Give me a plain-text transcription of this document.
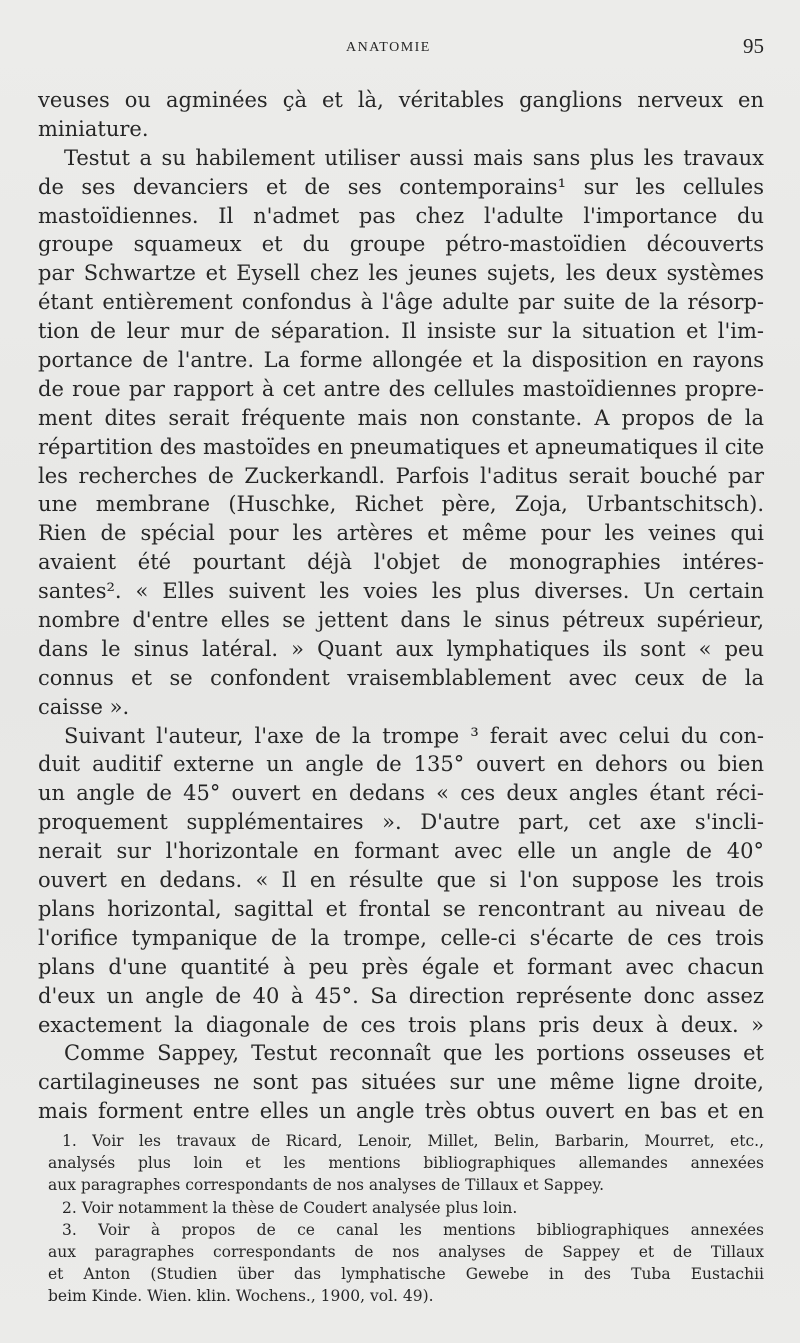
ANATOMIE	95
veuses ou agminées çà et là, véritables ganglions nerveux en
miniature.
Testut a su habilement utiliser aussi mais sans plus les travaux
de ses devanciers et de ses contemporains¹ sur les cellules
mastoïdiennes. Il n'admet pas chez l'adulte l'importance du
groupe squameux et du groupe pétro-mastoïdien découverts
par Schwartze et Eysell chez les jeunes sujets, les deux systèmes
étant entièrement confondus à l'âge adulte par suite de la résorp-
tion de leur mur de séparation. Il insiste sur la situation et l'im-
portance de l'antre. La forme allongée et la disposition en rayons
de roue par rapport à cet antre des cellules mastoïdiennes propre-
ment dites serait fréquente mais non constante. A propos de la
répartition des mastoïdes en pneumatiques et apneumatiques il cite
les recherches de Zuckerkandl. Parfois l'aditus serait bouché par
une membrane (Huschke, Richet père, Zoja, Urbantschitsch).
Rien de spécial pour les artères et même pour les veines qui
avaient été pourtant déjà l'objet de monographies intéres-
santes². « Elles suivent les voies les plus diverses. Un certain
nombre d'entre elles se jettent dans le sinus pétreux supérieur,
dans le sinus latéral. » Quant aux lymphatiques ils sont « peu
connus et se confondent vraisemblablement avec ceux de la
caisse ».
Suivant l'auteur, l'axe de la trompe ³ ferait avec celui du con-
duit auditif externe un angle de 135° ouvert en dehors ou bien
un angle de 45° ouvert en dedans « ces deux angles étant réci-
proquement supplémentaires ». D'autre part, cet axe s'incli-
nerait sur l'horizontale en formant avec elle un angle de 40°
ouvert en dedans. « Il en résulte que si l'on suppose les trois
plans horizontal, sagittal et frontal se rencontrant au niveau de
l'orifice tympanique de la trompe, celle-ci s'écarte de ces trois
plans d'une quantité à peu près égale et formant avec chacun
d'eux un angle de 40 à 45°. Sa direction représente donc assez
exactement la diagonale de ces trois plans pris deux à deux. »
Comme Sappey, Testut reconnaît que les portions osseuses et
cartilagineuses ne sont pas situées sur une même ligne droite,
mais forment entre elles un angle très obtus ouvert en bas et en
1. Voir les travaux de Ricard, Lenoir, Millet, Belin, Barbarin, Mourret, etc.,
analysés plus loin et les mentions bibliographiques allemandes annexées
aux paragraphes correspondants de nos analyses de Tillaux et Sappey.
2. Voir notamment la thèse de Coudert analysée plus loin.
3. Voir à propos de ce canal les mentions bibliographiques annexées
aux paragraphes correspondants de nos analyses de Sappey et de Tillaux
et Anton (Studien über das lymphatische Gewebe in des Tuba Eustachii
beim Kinde. Wien. klin. Wochens., 1900, vol. 49).
